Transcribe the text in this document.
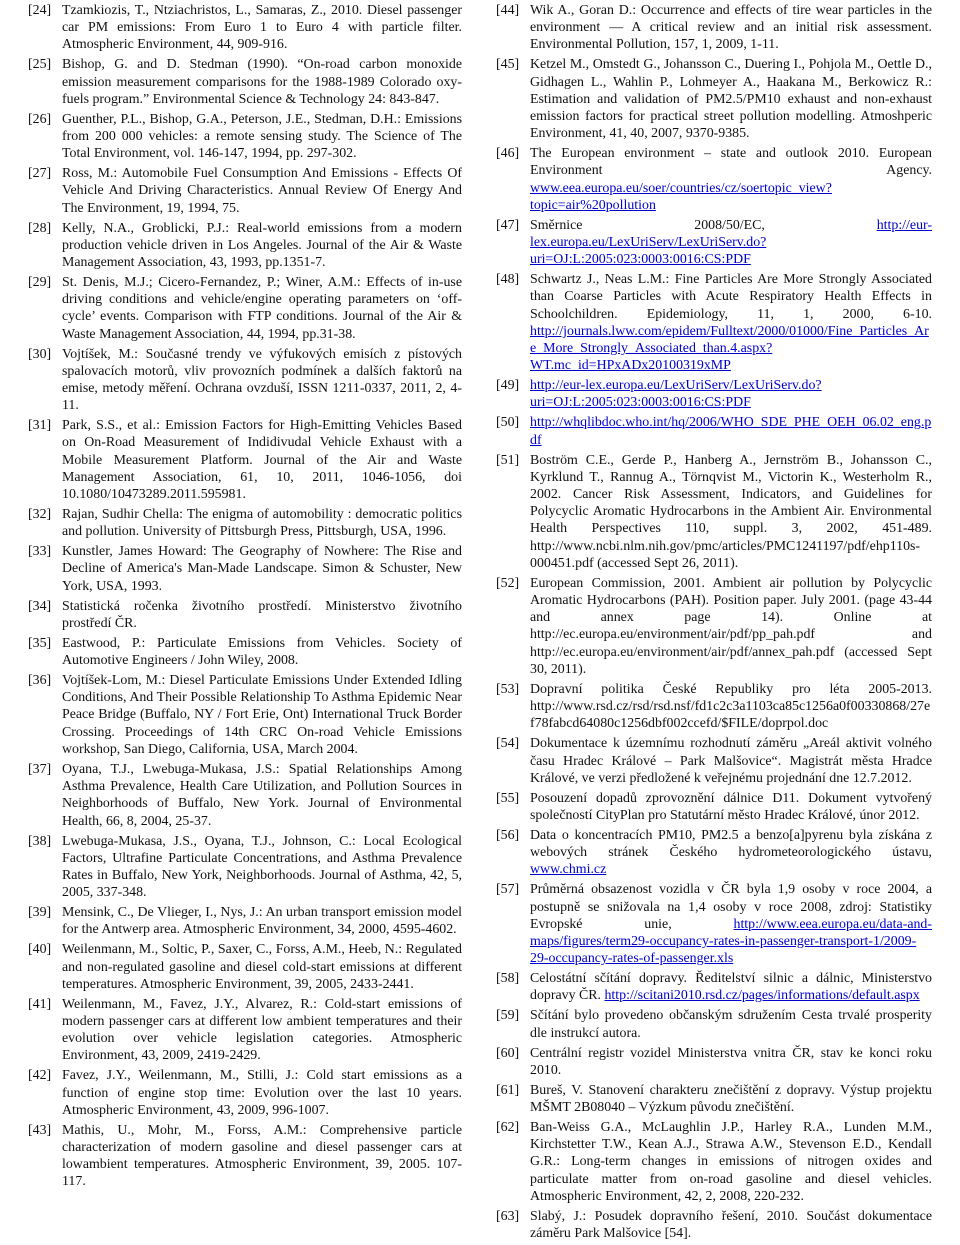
[24] Tzamkiozis, T., Ntziachristos, L., Samaras, Z., 2010. Diesel passenger car PM emissions: From Euro 1 to Euro 4 with particle filter. Atmospheric Environment, 44, 909-916.
[25] Bishop, G. and D. Stedman (1990). “On-road carbon monoxide emission measurement comparisons for the 1988-1989 Colorado oxy-fuels program.” Environmental Science & Technology 24: 843-847.
[26] Guenther, P.L., Bishop, G.A., Peterson, J.E., Stedman, D.H.: Emissions from 200 000 vehicles: a remote sensing study. The Science of The Total Environment, vol. 146-147, 1994, pp. 297-302.
[27] Ross, M.: Automobile Fuel Consumption And Emissions - Effects Of Vehicle And Driving Characteristics. Annual Review Of Energy And The Environment, 19, 1994, 75.
[28] Kelly, N.A., Groblicki, P.J.: Real-world emissions from a modern production vehicle driven in Los Angeles. Journal of the Air & Waste Management Association, 43, 1993, pp.1351-7.
[29] St. Denis, M.J.; Cicero-Fernandez, P.; Winer, A.M.: Effects of in-use driving conditions and vehicle/engine operating parameters on ‘off-cycle’ events. Comparison with FTP conditions. Journal of the Air & Waste Management Association, 44, 1994, pp.31-38.
[30] Vojtíšek, M.: Současné trendy ve výfukových emisích z pístových spalovacích motorů, vliv provozních podmínek a dalších faktorů na emise, metody měření. Ochrana ovzduší, ISSN 1211-0337, 2011, 2, 4-11.
[31] Park, S.S., et al.: Emission Factors for High-Emitting Vehicles Based on On-Road Measurement of Indidivudal Vehicle Exhaust with a Mobile Measurement Platform. Journal of the Air and Waste Management Association, 61, 10, 2011, 1046-1056, doi 10.1080/10473289.2011.595981.
[32] Rajan, Sudhir Chella: The enigma of automobility : democratic politics and pollution. University of Pittsburgh Press, Pittsburgh, USA, 1996.
[33] Kunstler, James Howard: The Geography of Nowhere: The Rise and Decline of America's Man-Made Landscape. Simon & Schuster, New York, USA, 1993.
[34] Statistická ročenka životního prostředí. Ministerstvo životního prostředí ČR.
[35] Eastwood, P.: Particulate Emissions from Vehicles. Society of Automotive Engineers / John Wiley, 2008.
[36] Vojtíšek-Lom, M.: Diesel Particulate Emissions Under Extended Idling Conditions, And Their Possible Relationship To Asthma Epidemic Near Peace Bridge (Buffalo, NY / Fort Erie, Ont) International Truck Border Crossing. Proceedings of 14th CRC On-road Vehicle Emissions workshop, San Diego, California, USA, March 2004.
[37] Oyana, T.J., Lwebuga-Mukasa, J.S.: Spatial Relationships Among Asthma Prevalence, Health Care Utilization, and Pollution Sources in Neighborhoods of Buffalo, New York. Journal of Environmental Health, 66, 8, 2004, 25-37.
[38] Lwebuga-Mukasa, J.S., Oyana, T.J., Johnson, C.: Local Ecological Factors, Ultrafine Particulate Concentrations, and Asthma Prevalence Rates in Buffalo, New York, Neighborhoods. Journal of Asthma, 42, 5, 2005, 337-348.
[39] Mensink, C., De Vlieger, I., Nys, J.: An urban transport emission model for the Antwerp area. Atmospheric Environment, 34, 2000, 4595-4602.
[40] Weilenmann, M., Soltic, P., Saxer, C., Forss, A.M., Heeb, N.: Regulated and non-regulated gasoline and diesel cold-start emissions at different temperatures. Atmospheric Environment, 39, 2005, 2433-2441.
[41] Weilenmann, M., Favez, J.Y., Alvarez, R.: Cold-start emissions of modern passenger cars at different low ambient temperatures and their evolution over vehicle legislation categories. Atmospheric Environment, 43, 2009, 2419-2429.
[42] Favez, J.Y., Weilenmann, M., Stilli, J.: Cold start emissions as a function of engine stop time: Evolution over the last 10 years. Atmospheric Environment, 43, 2009, 996-1007.
[43] Mathis, U., Mohr, M., Forss, A.M.: Comprehensive particle characterization of modern gasoline and diesel passenger cars at lowambient temperatures. Atmospheric Environment, 39, 2005. 107-117.
[44] Wik A., Goran D.: Occurrence and effects of tire wear particles in the environment — A critical review and an initial risk assessment. Environmental Pollution, 157, 1, 2009, 1-11.
[45] Ketzel M., Omstedt G., Johansson C., Duering I., Pohjola M., Oettle D., Gidhagen L., Wahlin P., Lohmeyer A., Haakana M., Berkowicz R.: Estimation and validation of PM2.5/PM10 exhaust and non-exhaust emission factors for practical street pollution modelling. Atmoshperic Environment, 41, 40, 2007, 9370-9385.
[46] The European environment – state and outlook 2010. European Environment Agency. www.eea.europa.eu/soer/countries/cz/soertopic_view?topic=air%20pollution
[47] Směrnice 2008/50/EC,	http://eur-lex.europa.eu/LexUriServ/LexUriServ.do?uri=OJ:L:2005:023:0003:0016:CS:PDF
[48] Schwartz J., Neas L.M.: Fine Particles Are More Strongly Associated than Coarse Particles with Acute Respiratory Health Effects in Schoolchildren. Epidemiology, 11, 1, 2000, 6-10. http://journals.lww.com/epidem/Fulltext/2000/01000/Fine_Particles_Are_More_Strongly_Associated_than.4.aspx?WT.mc_id=HPxADx20100319xMP
[49] http://eur-lex.europa.eu/LexUriServ/LexUriServ.do?uri=OJ:L:2005:023:0003:0016:CS:PDF
[50] http://whqlibdoc.who.int/hq/2006/WHO_SDE_PHE_OEH_06.02_eng.pdf
[51] Boström C.E., Gerde P., Hanberg A., Jernström B., Johansson C., Kyrklund T., Rannug A., Törnqvist M., Victorin K., Westerholm R., 2002. Cancer Risk Assessment, Indicators, and Guidelines for Polycyclic Aromatic Hydrocarbons in the Ambient Air. Environmental Health Perspectives 110, suppl. 3, 2002, 451-489. http://www.ncbi.nlm.nih.gov/pmc/articles/PMC1241197/pdf/ehp110s-000451.pdf (accessed Sept 26, 2011).
[52] European Commission, 2001. Ambient air pollution by Polycyclic Aromatic Hydrocarbons (PAH). Position paper. July 2001. (page 43-44 and annex page 14). Online at http://ec.europa.eu/environment/air/pdf/pp_pah.pdf and http://ec.europa.eu/environment/air/pdf/annex_pah.pdf (accessed Sept 30, 2011).
[53] Dopravní politika České Republiky pro léta 2005-2013. http://www.rsd.cz/rsd/rsd.nsf/fd1c2c3a1103ca85c1256a0f00330868/27ef78fabcd64080c1256dbf002ccefd/$FILE/doprpol.doc
[54] Dokumentace k územnímu rozhodnutí záměru „Areál aktivit volného času Hradec Králové – Park Malšovice“. Magistrát města Hradce Králové, ve verzi předložené k veřejnému projednání dne 12.7.2012.
[55] Posouzení dopadů zprovoznění dálnice D11. Dokument vytvořený společností CityPlan pro Statutární město Hradec Králové, únor 2012.
[56] Data o koncentracích PM10, PM2.5 a benzo[a]pyrenu byla získána z webových stránek Českého hydrometeorologického ústavu, www.chmi.cz
[57] Průměrná obsazenost vozidla v ČR byla 1,9 osoby v roce 2004, a postupně se snižovala na 1,4 osoby v roce 2008, zdroj: Statistiky Evropské unie,	http://www.eea.europa.eu/data-and-maps/figures/term29-occupancy-rates-in-passenger-transport-1/2009-29-occupancy-rates-of-passenger.xls
[58] Celostátní sčítání dopravy. Ředitelství silnic a dálnic, Ministerstvo dopravy ČR. http://scitani2010.rsd.cz/pages/informations/default.aspx
[59] Sčítání bylo provedeno občanským sdružením Cesta trvalé prosperity dle instrukcí autora.
[60] Centrální registr vozidel Ministerstva vnitra ČR, stav ke konci roku 2010.
[61] Bureš, V. Stanovení charakteru znečištění z dopravy. Výstup projektu MŠMT 2B08040 – Výzkum původu znečištění.
[62] Ban-Weiss G.A., McLaughlin J.P., Harley R.A., Lunden M.M., Kirchstetter T.W., Kean A.J., Strawa A.W., Stevenson E.D., Kendall G.R.: Long-term changes in emissions of nitrogen oxides and particulate matter from on-road gasoline and diesel vehicles. Atmospheric Environment, 42, 2, 2008, 220-232.
[63] Slabý, J.: Posudek dopravního řešení, 2010. Součást dokumentace záměru Park Malšovice [54].
